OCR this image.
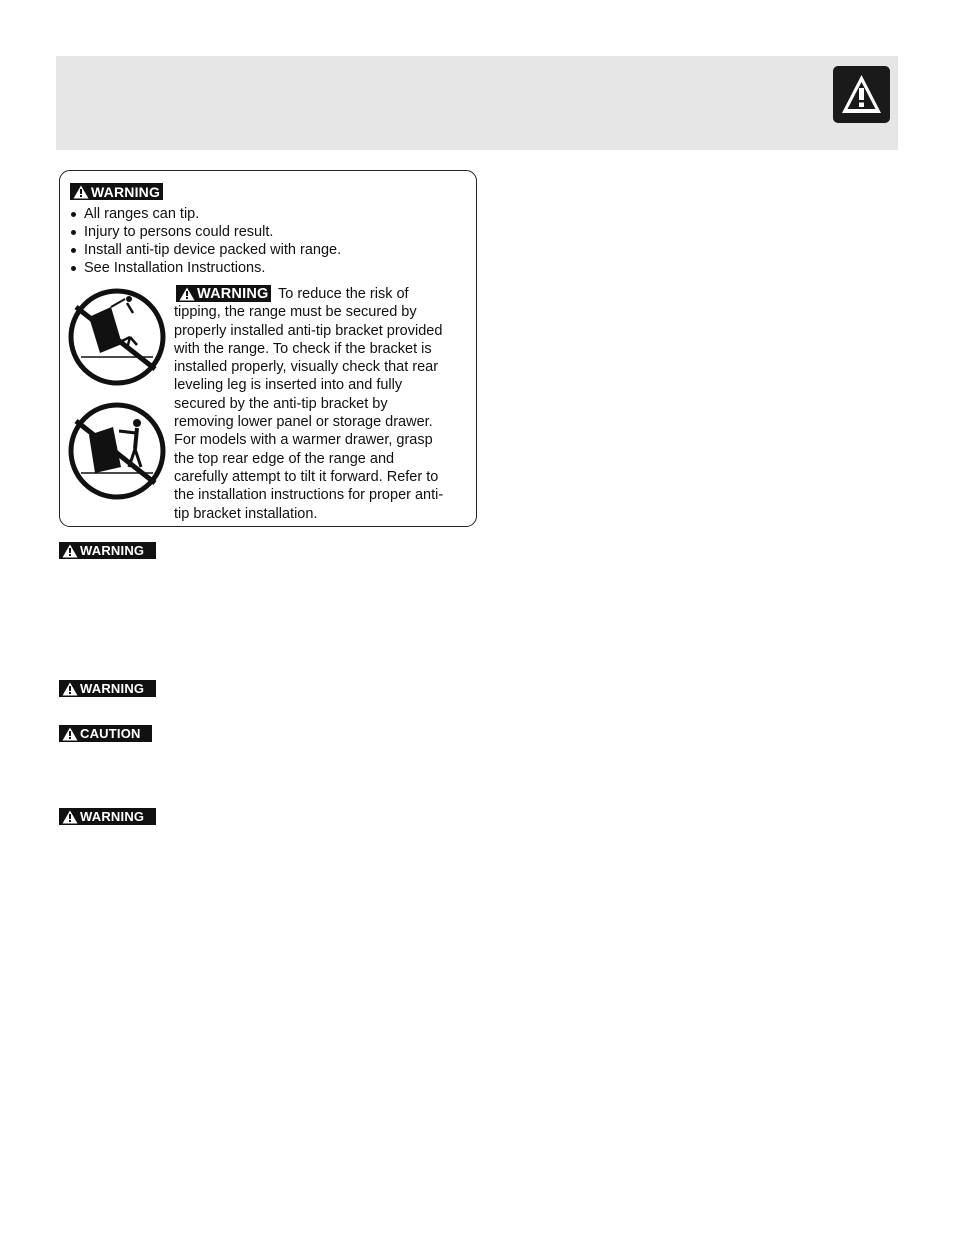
WARNING
All ranges can tip.
Injury to persons could result.
Install anti-tip device packed with range.
See Installation Instructions.
WARNING To reduce the risk of
tipping, the range must be secured by
properly installed anti-tip bracket provided
with the range. To check if the bracket is
installed properly, visually check that rear
leveling leg is inserted into and fully
secured by the anti-tip bracket by
removing lower panel or storage drawer.
For models with a warmer drawer, grasp
the top rear edge of the range and
carefully attempt to tilt it forward. Refer to
the installation instructions for proper anti-
tip bracket installation.

WARNING
WARNING
CAUTION
WARNING
